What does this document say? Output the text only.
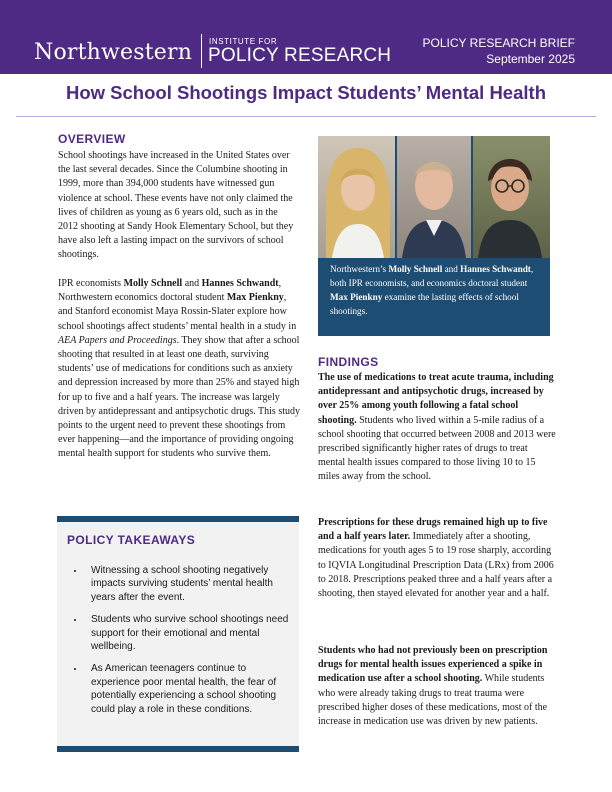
Northwestern INSTITUTE FOR
POLICY RESEARCH
POLICY RESEARCH BRIEF
September 2025
How School Shootings Impact Students’ Mental Health
OVERVIEW

School shootings have increased in the United States over the last several decades. Since the Columbine shooting in 1999, more than 394,000 students have witnessed gun violence at school. These events have not only claimed the lives of children as young as 6 years old, such as in the 2012 shooting at Sandy Hook Elementary School, but they have also left a lasting impact on the survivors of school shootings.

IPR economists Molly Schnell and Hannes Schwandt, Northwestern economics doctoral student Max Pienkny, and Stanford economist Maya Rossin-Slater explore how school shootings affect students’ mental health in a study in AEA Papers and Proceedings. They show that after a school shooting that resulted in at least one death, surviving students’ use of medications for conditions such as anxiety and depression increased by more than 25% and stayed high for up to five and a half years. The increase was largely driven by antidepressant and antipsychotic drugs. This study points to the urgent need to prevent these shootings from ever happening—and the importance of providing ongoing mental health support for students who survive them.

Northwestern’s Molly Schnell and Hannes Schwandt, both IPR economists, and economics doctoral student Max Pienkny examine the lasting effects of school shootings.

FINDINGS

The use of medications to treat acute trauma, including antidepressant and antipsychotic drugs, increased by over 25% among youth following a fatal school shooting. Students who lived within a 5-mile radius of a school shooting that occurred between 2008 and 2013 were prescribed significantly higher rates of drugs to treat mental health issues compared to those living 10 to 15 miles away from the school.

Prescriptions for these drugs remained high up to five and a half years later. Immediately after a shooting, medications for youth ages 5 to 19 rose sharply, according to IQVIA Longitudinal Prescription Data (LRx) from 2006 to 2018. Prescriptions peaked three and a half years after a shooting, then stayed elevated for another year and a half.

Students who had not previously been on prescription drugs for mental health issues experienced a spike in medication use after a school shooting. While students who were already taking drugs to treat trauma were prescribed higher doses of these medications, most of the increase in medication use was driven by new patients.

POLICY TAKEAWAYS
• Witnessing a school shooting negatively impacts surviving students’ mental health years after the event.
• Students who survive school shootings need support for their emotional and mental wellbeing.
• As American teenagers continue to experience poor mental health, the fear of potentially experiencing a school shooting could play a role in these conditions.
